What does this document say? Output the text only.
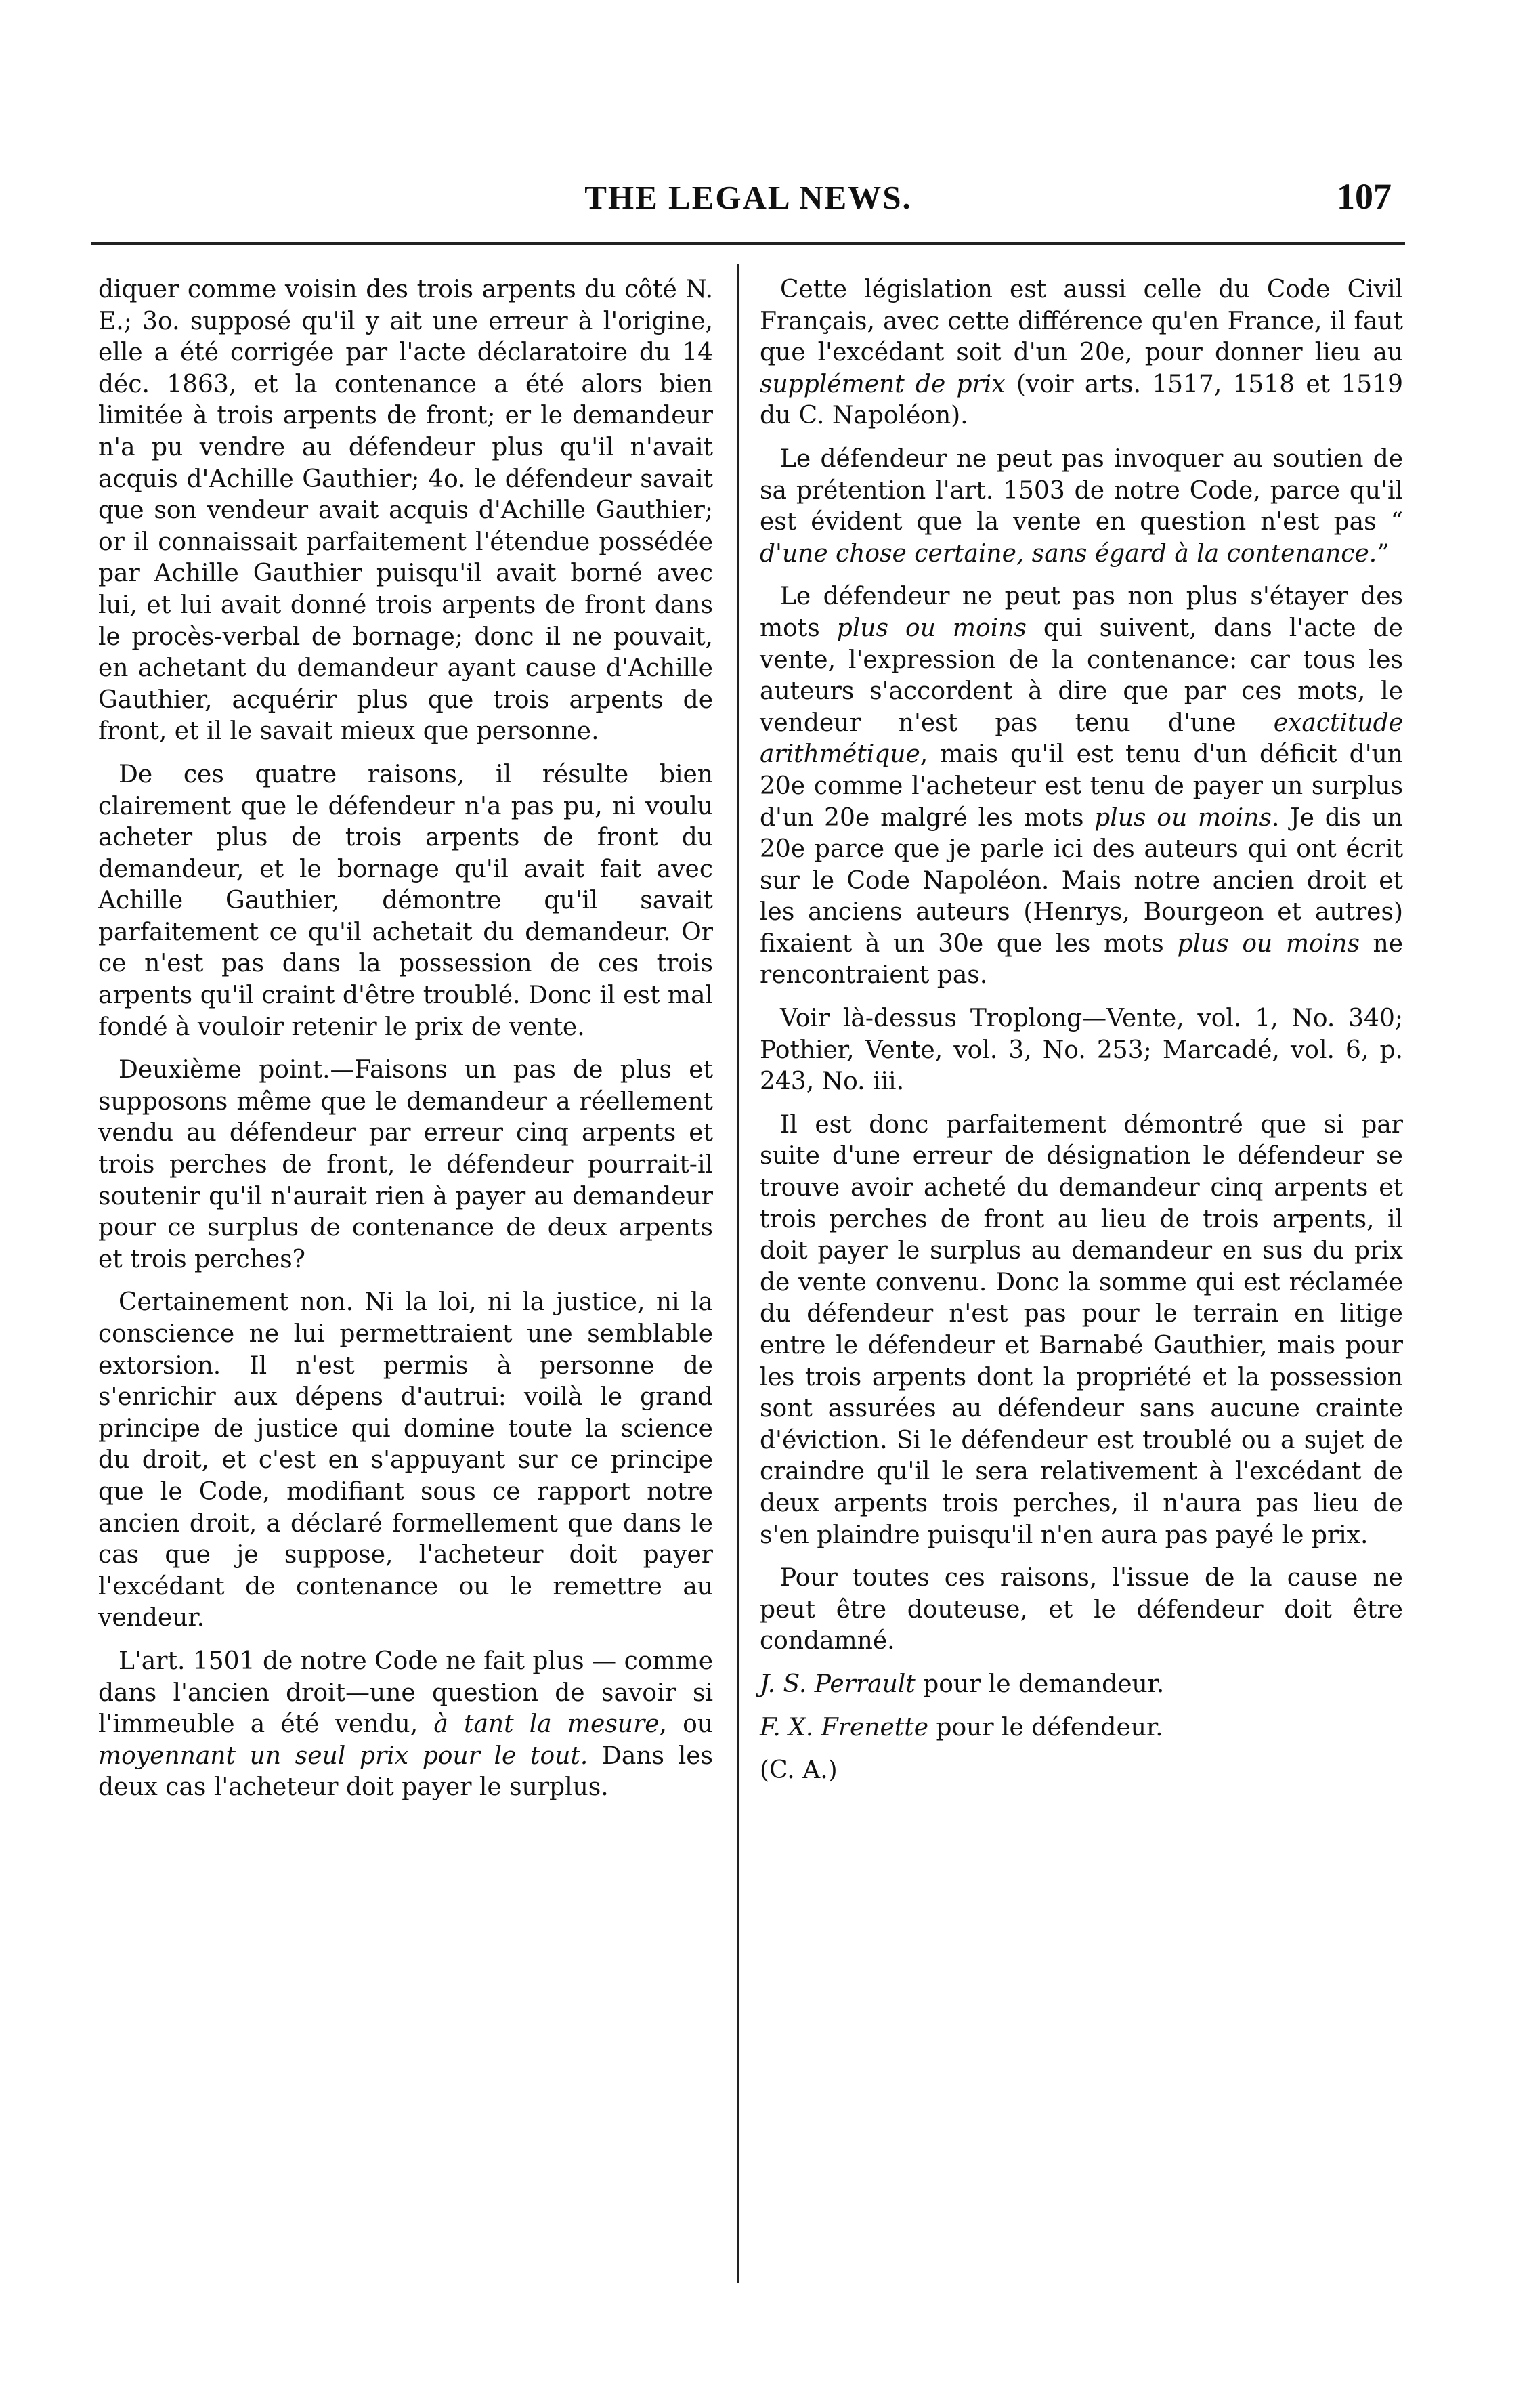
THE LEGAL NEWS.	107

diquer comme voisin des trois arpents du côté N. E.; 3o. supposé qu'il y ait une erreur à l'origine, elle a été corrigée par l'acte déclaratoire du 14 déc. 1863, et la contenance a été alors bien limitée à trois arpents de front; er le demandeur n'a pu vendre au défendeur plus qu'il n'avait acquis d'Achille Gauthier; 4o. le défendeur savait que son vendeur avait acquis d'Achille Gauthier; or il connaissait parfaitement l'étendue possédée par Achille Gauthier puisqu'il avait borné avec lui, et lui avait donné trois arpents de front dans le procès-verbal de bornage; donc il ne pouvait, en achetant du demandeur ayant cause d'Achille Gauthier, acquérir plus que trois arpents de front, et il le savait mieux que personne.

De ces quatre raisons, il résulte bien clairement que le défendeur n'a pas pu, ni voulu acheter plus de trois arpents de front du demandeur, et le bornage qu'il avait fait avec Achille Gauthier, démontre qu'il savait parfaitement ce qu'il achetait du demandeur. Or ce n'est pas dans la possession de ces trois arpents qu'il craint d'être troublé. Donc il est mal fondé à vouloir retenir le prix de vente.

Deuxième point.—Faisons un pas de plus et supposons même que le demandeur a réellement vendu au défendeur par erreur cinq arpents et trois perches de front, le défendeur pourrait-il soutenir qu'il n'aurait rien à payer au demandeur pour ce surplus de contenance de deux arpents et trois perches?

Certainement non. Ni la loi, ni la justice, ni la conscience ne lui permettraient une semblable extorsion. Il n'est permis à personne de s'enrichir aux dépens d'autrui: voilà le grand principe de justice qui domine toute la science du droit, et c'est en s'appuyant sur ce principe que le Code, modifiant sous ce rapport notre ancien droit, a déclaré formellement que dans le cas que je suppose, l'acheteur doit payer l'excédant de contenance ou le remettre au vendeur.

L'art. 1501 de notre Code ne fait plus — comme dans l'ancien droit—une question de savoir si l'immeuble a été vendu, à tant la mesure, ou moyennant un seul prix pour le tout. Dans les deux cas l'acheteur doit payer le surplus.

Cette législation est aussi celle du Code Civil Français, avec cette différence qu'en France, il faut que l'excédant soit d'un 20e, pour donner lieu au supplément de prix (voir arts. 1517, 1518 et 1519 du C. Napoléon).

Le défendeur ne peut pas invoquer au soutien de sa prétention l'art. 1503 de notre Code, parce qu'il est évident que la vente en question n'est pas “ d'une chose certaine, sans égard à la contenance.”

Le défendeur ne peut pas non plus s'étayer des mots plus ou moins qui suivent, dans l'acte de vente, l'expression de la contenance: car tous les auteurs s'accordent à dire que par ces mots, le vendeur n'est pas tenu d'une exactitude arithmétique, mais qu'il est tenu d'un déficit d'un 20e comme l'acheteur est tenu de payer un surplus d'un 20e malgré les mots plus ou moins. Je dis un 20e parce que je parle ici des auteurs qui ont écrit sur le Code Napoléon. Mais notre ancien droit et les anciens auteurs (Henrys, Bourgeon et autres) fixaient à un 30e que les mots plus ou moins ne rencontraient pas.

Voir là-dessus Troplong—Vente, vol. 1, No. 340; Pothier, Vente, vol. 3, No. 253; Marcadé, vol. 6, p. 243, No. iii.

Il est donc parfaitement démontré que si par suite d'une erreur de désignation le défendeur se trouve avoir acheté du demandeur cinq arpents et trois perches de front au lieu de trois arpents, il doit payer le surplus au demandeur en sus du prix de vente convenu. Donc la somme qui est réclamée du défendeur n'est pas pour le terrain en litige entre le défendeur et Barnabé Gauthier, mais pour les trois arpents dont la propriété et la possession sont assurées au défendeur sans aucune crainte d'éviction. Si le défendeur est troublé ou a sujet de craindre qu'il le sera relativement à l'excédant de deux arpents trois perches, il n'aura pas lieu de s'en plaindre puisqu'il n'en aura pas payé le prix.

Pour toutes ces raisons, l'issue de la cause ne peut être douteuse, et le défendeur doit être condamné.

J. S. Perrault pour le demandeur.

F. X. Frenette pour le défendeur.

(C. A.)
